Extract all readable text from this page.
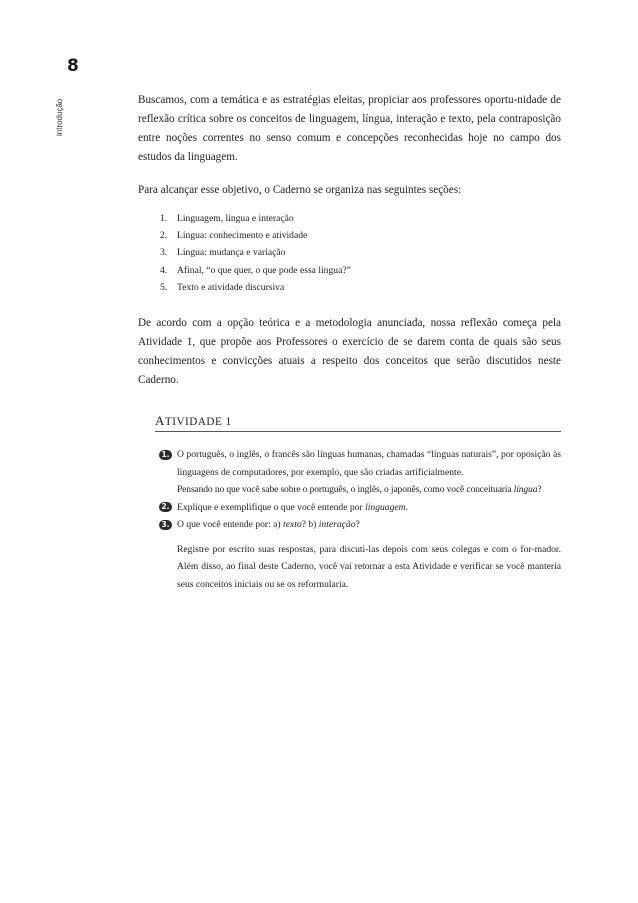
8
introdução	Buscamos, com a temática e as estratégias eleitas, propiciar aos professores oportu-nidade de reflexão crítica sobre os conceitos de linguagem, língua, interação e texto, pela contraposição entre noções correntes no senso comum e concepções reconhecidas hoje no campo dos estudos da linguagem.

Para alcançar esse objetivo, o Caderno se organiza nas seguintes seções:

1.	Linguagem, língua e interação
2.	Língua: conhecimento e atividade
3.	Língua: mudança e variação
4.	Afinal, “o que quer, o que pode essa língua?”
5.	Texto e atividade discursiva

De acordo com a opção teórica e a metodologia anunciada, nossa reflexão começa pela Atividade 1, que propõe aos Professores o exercício de se darem conta de quais são seus conhecimentos e convicções atuais a respeito dos conceitos que serão discutidos neste Caderno.

ATIVIDADE 1
1. O português, o inglês, o francês são línguas humanas, chamadas “línguas naturais”, por oposição às linguagens de computadores, por exemplo, que são criadas artificialmente.
Pensando no que você sabe sobre o português, o inglês, o japonês, como você conceituaria língua?
2. Explique e exemplifique o que você entende por linguagem.
3. O que você entende por: a) texto? b) interação?
Registre por escrito suas respostas, para discuti-las depois com seus colegas e com o for-mador. Além disso, ao final deste Caderno, você vai retornar a esta Atividade e verificar se você manteria seus conceitos iniciais ou se os reformularia.
